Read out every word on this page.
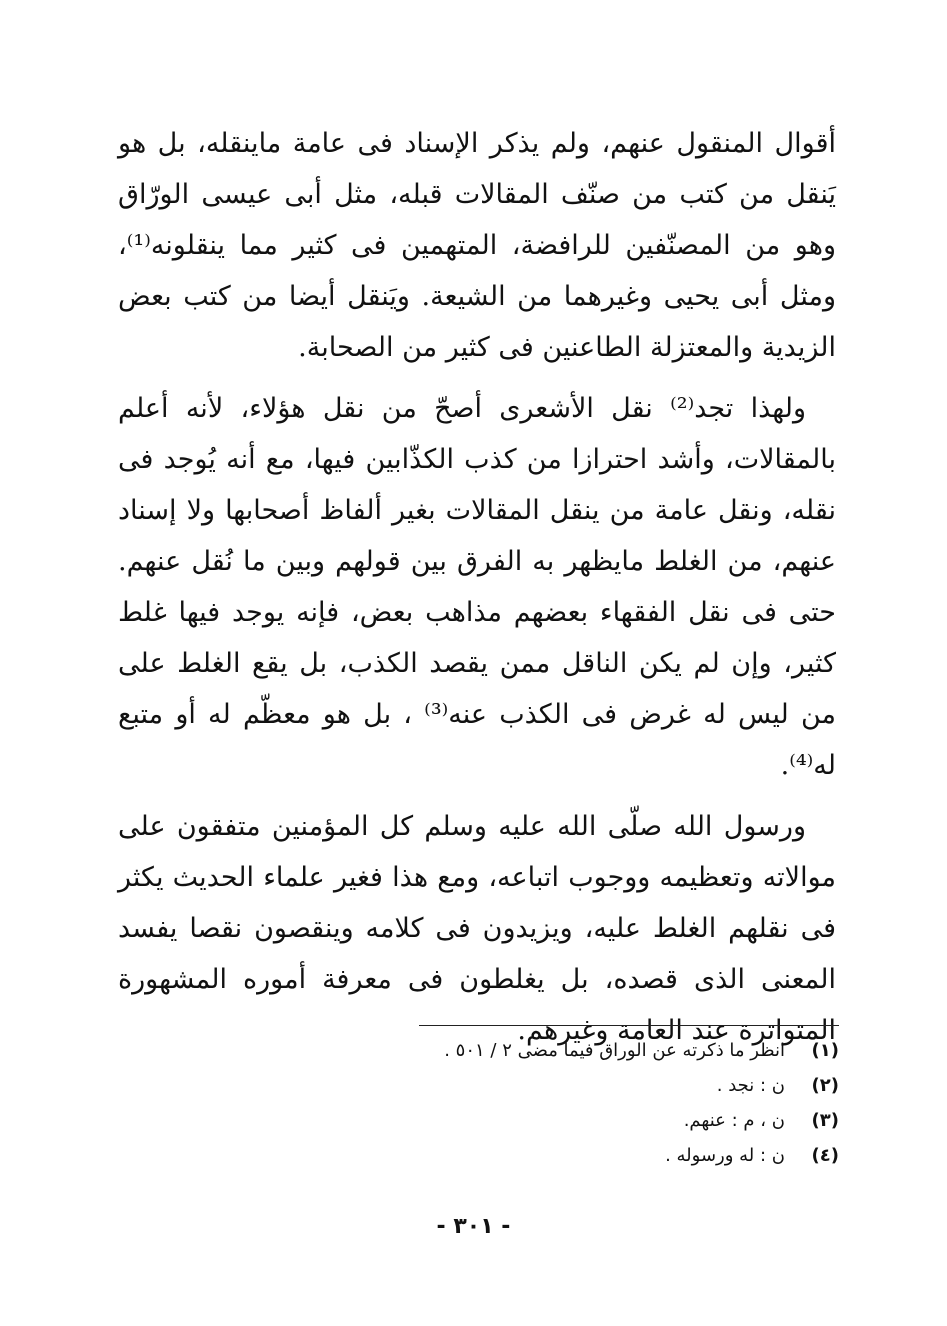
أقوال المنقول عنهم، ولم يذكر الإسناد فى عامة ماينقله، بل هو يَنقل من كتب من صنّف المقالات قبله، مثل أبى عيسى الورّاق وهو من المصنّفين للرافضة، المتهمين فى كثير مما ينقلونه⁽¹⁾، ومثل أبى يحيى وغيرهما من الشيعة. ويَنقل أيضا من كتب بعض الزيدية والمعتزلة الطاعنين فى كثير من الصحابة.

ولهذا تجد⁽²⁾ نقل الأشعرى أصحّ من نقل هؤلاء، لأنه أعلم بالمقالات، وأشد احترازا من كذب الكذّابين فيها، مع أنه يُوجد فى نقله، ونقل عامة من ينقل المقالات بغير ألفاظ أصحابها ولا إسناد عنهم، من الغلط مايظهر به الفرق بين قولهم وبين ما نُقل عنهم. حتى فى نقل الفقهاء بعضهم مذاهب بعض، فإنه يوجد فيها غلط كثير، وإن لم يكن الناقل ممن يقصد الكذب، بل يقع الغلط على من ليس له غرض فى الكذب عنه⁽³⁾ ، بل هو معظّم له أو متبع له⁽⁴⁾.

ورسول الله صلّى الله عليه وسلم كل المؤمنين متفقون على موالاته وتعظيمه ووجوب اتباعه، ومع هذا فغير علماء الحديث يكثر فى نقلهم الغلط عليه، ويزيدون فى كلامه وينقصون نقصا يفسد المعنى الذى قصده، بل يغلطون فى معرفة أموره المشهورة المتواترة عند العامة وغيرهم.

(١)
انظر ما ذكرته عن الوراق فيما مضى ٢ / ٥٠١ .
(٢)
ن : نجد .
(٣)
ن ، م : عنهم.
(٤)
ن : له ورسوله .
- ٣٠١ -
